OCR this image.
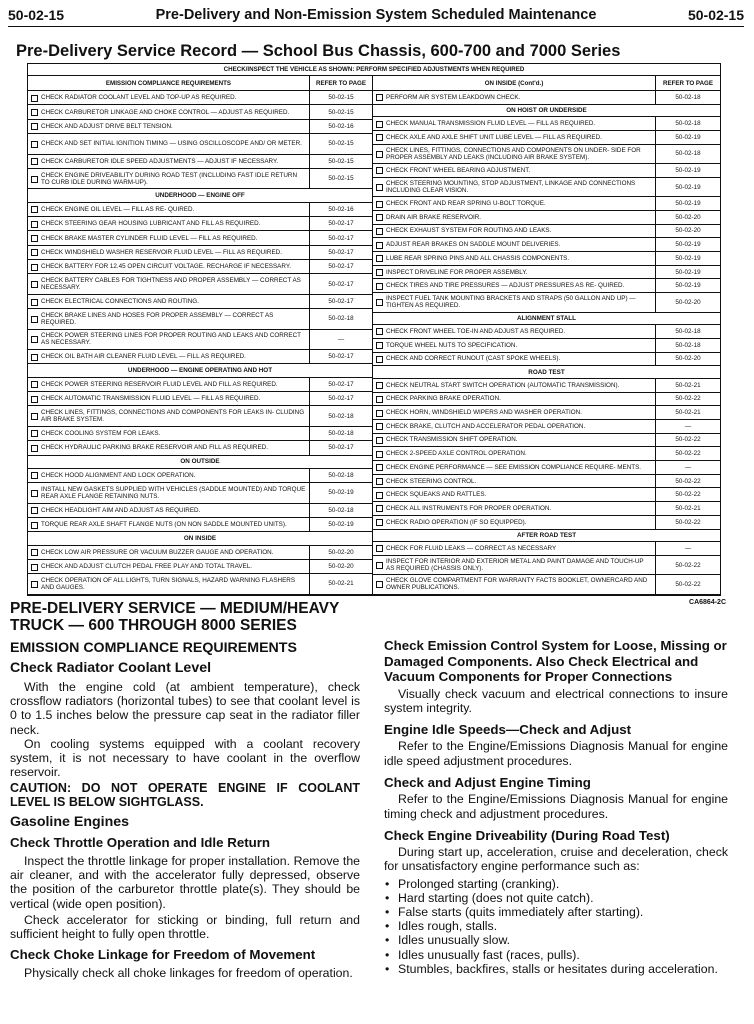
50-02-15	Pre-Delivery and Non-Emission System Scheduled Maintenance	50-02-15
Pre-Delivery Service Record — School Bus Chassis, 600-700 and 7000 Series
CHECK/INSPECT THE VEHICLE AS SHOWN: PERFORM SPECIFIED ADJUSTMENTS WHEN REQUIRED
EMISSION COMPLIANCE REQUIREMENTS	REFER TO PAGE
CHECK RADIATOR COOLANT LEVEL AND TOP-UP AS REQUIRED.	50-02-15
CHECK CARBURETOR LINKAGE AND CHOKE CONTROL — ADJUST AS REQUIRED.	50-02-15
CHECK AND ADJUST DRIVE BELT TENSION.	50-02-16
CHECK AND SET INITIAL IGNITION TIMING — USING OSCILLOSCOPE AND/ OR METER.	50-02-15
CHECK CARBURETOR IDLE SPEED ADJUSTMENTS — ADJUST IF NECESSARY.	50-02-15
CHECK ENGINE DRIVEABILITY DURING ROAD TEST (INCLUDING FAST IDLE RETURN TO CURB IDLE DURING WARM-UP).	50-02-15
UNDERHOOD — ENGINE OFF
CHECK ENGINE OIL LEVEL — FILL AS RE- QUIRED.	50-02-16
CHECK STEERING GEAR HOUSING LUBRICANT AND FILL AS REQUIRED.	50-02-17
CHECK BRAKE MASTER CYLINDER FLUID LEVEL — FILL AS REQUIRED.	50-02-17
CHECK WINDSHIELD WASHER RESERVOIR FLUID LEVEL — FILL AS REQUIRED.	50-02-17
CHECK BATTERY FOR 12.45 OPEN CIRCUIT VOLTAGE. RECHARGE IF NECESSARY.	50-02-17
CHECK BATTERY CABLES FOR TIGHTNESS AND PROPER ASSEMBLY — CORRECT AS NECESSARY.	50-02-17
CHECK ELECTRICAL CONNECTIONS AND ROUTING.	50-02-17
CHECK BRAKE LINES AND HOSES FOR PROPER ASSEMBLY — CORRECT AS REQUIRED.	50-02-18
CHECK POWER STEERING LINES FOR PROPER ROUTING AND LEAKS AND CORRECT AS NECESSARY.	—
CHECK OIL BATH AIR CLEANER FLUID LEVEL — FILL AS REQUIRED.	50-02-17
UNDERHOOD — ENGINE OPERATING AND HOT
CHECK POWER STEERING RESERVOIR FLUID LEVEL AND FILL AS REQUIRED.	50-02-17
CHECK AUTOMATIC TRANSMISSION FLUID LEVEL — FILL AS REQUIRED.	50-02-17
CHECK LINES, FITTINGS, CONNECTIONS AND COMPONENTS FOR LEAKS IN- CLUDING AIR BRAKE SYSTEM.	50-02-18
CHECK COOLING SYSTEM FOR LEAKS.	50-02-18
CHECK HYDRAULIC PARKING BRAKE RESERVOIR AND FILL AS REQUIRED.	50-02-17
ON OUTSIDE
CHECK HOOD ALIGNMENT AND LOCK OPERATION.	50-02-18
INSTALL NEW GASKETS SUPPLIED WITH VEHICLES (SADDLE MOUNTED) AND TORQUE REAR AXLE FLANGE RETAINING NUTS.	50-02-19
CHECK HEADLIGHT AIM AND ADJUST AS REQUIRED.	50-02-18
TORQUE REAR AXLE SHAFT FLANGE NUTS (ON NON SADDLE MOUNTED UNITS).	50-02-19
ON INSIDE
CHECK LOW AIR PRESSURE OR VACUUM BUZZER GAUGE AND OPERATION.	50-02-20
CHECK AND ADJUST CLUTCH PEDAL FREE PLAY AND TOTAL TRAVEL.	50-02-20
CHECK OPERATION OF ALL LIGHTS, TURN SIGNALS, HAZARD WARNING FLASHERS AND GAUGES.	50-02-21
ON INSIDE (Cont'd.)	REFER TO PAGE
PERFORM AIR SYSTEM LEAKDOWN CHECK.	50-02-18
ON HOIST OR UNDERSIDE
CHECK MANUAL TRANSMISSION FLUID LEVEL — FILL AS REQUIRED.	50-02-18
CHECK AXLE AND AXLE SHIFT UNIT LUBE LEVEL — FILL AS REQUIRED.	50-02-19
CHECK LINES, FITTINGS, CONNECTIONS AND COMPONENTS ON UNDER- SIDE FOR PROPER ASSEMBLY AND LEAKS (INCLUDING AIR BRAKE SYSTEM).	50-02-18
CHECK FRONT WHEEL BEARING ADJUSTMENT.	50-02-19
CHECK STEERING MOUNTING, STOP ADJUSTMENT, LINKAGE AND CONNECTIONS INCLUDING CLEAR VISION.	50-02-19
CHECK FRONT AND REAR SPRING U-BOLT TORQUE.	50-02-19
DRAIN AIR BRAKE RESERVOIR.	50-02-20
CHECK EXHAUST SYSTEM FOR ROUTING AND LEAKS.	50-02-20
ADJUST REAR BRAKES ON SADDLE MOUNT DELIVERIES.	50-02-19
LUBE REAR SPRING PINS AND ALL CHASSIS COMPONENTS.	50-02-19
INSPECT DRIVELINE FOR PROPER ASSEMBLY.	50-02-19
CHECK TIRES AND TIRE PRESSURES — ADJUST PRESSURES AS RE- QUIRED.	50-02-19
INSPECT FUEL TANK MOUNTING BRACKETS AND STRAPS (50 GALLON AND UP) — TIGHTEN AS REQUIRED.	50-02-20
ALIGNMENT STALL
CHECK FRONT WHEEL TOE-IN AND ADJUST AS REQUIRED.	50-02-18
TORQUE WHEEL NUTS TO SPECIFICATION.	50-02-18
CHECK AND CORRECT RUNOUT (CAST SPOKE WHEELS).	50-02-20
ROAD TEST
CHECK NEUTRAL START SWITCH OPERATION (AUTOMATIC TRANSMISSION).	50-02-21
CHECK PARKING BRAKE OPERATION.	50-02-22
CHECK HORN, WINDSHIELD WIPERS AND WASHER OPERATION.	50-02-21
CHECK BRAKE, CLUTCH AND ACCELERATOR PEDAL OPERATION.	—
CHECK TRANSMISSION SHIFT OPERATION.	50-02-22
CHECK 2-SPEED AXLE CONTROL OPERATION.	50-02-22
CHECK ENGINE PERFORMANCE — SEE EMISSION COMPLIANCE REQUIRE- MENTS.	—
CHECK STEERING CONTROL.	50-02-22
CHECK SQUEAKS AND RATTLES.	50-02-22
CHECK ALL INSTRUMENTS FOR PROPER OPERATION.	50-02-21
CHECK RADIO OPERATION (IF SO EQUIPPED).	50-02-22
AFTER ROAD TEST
CHECK FOR FLUID LEAKS — CORRECT AS NECESSARY	—
INSPECT FOR INTERIOR AND EXTERIOR METAL AND PAINT DAMAGE AND TOUCH-UP AS REQUIRED (CHASSIS ONLY).	50-02-22
CHECK GLOVE COMPARTMENT FOR WARRANTY FACTS BOOKLET, OWNERCARD AND OWNER PUBLICATIONS.	50-02-22
CA6864-2C
PRE-DELIVERY SERVICE — MEDIUM/HEAVY TRUCK — 600 THROUGH 8000 SERIES
EMISSION COMPLIANCE REQUIREMENTS
Check Radiator Coolant Level

With the engine cold (at ambient temperature), check crossflow radiators (horizontal tubes) to see that coolant level is 0 to 1.5 inches below the pressure cap seat in the radiator filler neck.

On cooling systems equipped with a coolant recovery system, it is not necessary to have coolant in the overflow reservoir.

CAUTION: DO NOT OPERATE ENGINE IF COOLANT LEVEL IS BELOW SIGHTGLASS.
Gasoline Engines
Check Throttle Operation and Idle Return

Inspect the throttle linkage for proper installation. Remove the air cleaner, and with the accelerator fully depressed, observe the position of the carburetor throttle plate(s). They should be vertical (wide open position).

Check accelerator for sticking or binding, full return and sufficient height to fully open throttle.

Check Choke Linkage for Freedom of Movement

Physically check all choke linkages for freedom of operation.

Check Emission Control System for Loose, Missing or Damaged Components. Also Check Electrical and Vacuum Components for Proper Connections

Visually check vacuum and electrical connections to insure system integrity.

Engine Idle Speeds—Check and Adjust

Refer to the Engine/Emissions Diagnosis Manual for engine idle speed adjustment procedures.

Check and Adjust Engine Timing

Refer to the Engine/Emissions Diagnosis Manual for engine timing check and adjustment procedures.

Check Engine Driveability (During Road Test)

During start up, acceleration, cruise and deceleration, check for unsatisfactory engine performance such as:

• Prolonged starting (cranking).
• Hard starting (does not quite catch).
• False starts (quits immediately after starting).
• Idles rough, stalls.
• Idles unusually slow.
• Idles unusually fast (races, pulls).
• Stumbles, backfires, stalls or hesitates during acceleration.
